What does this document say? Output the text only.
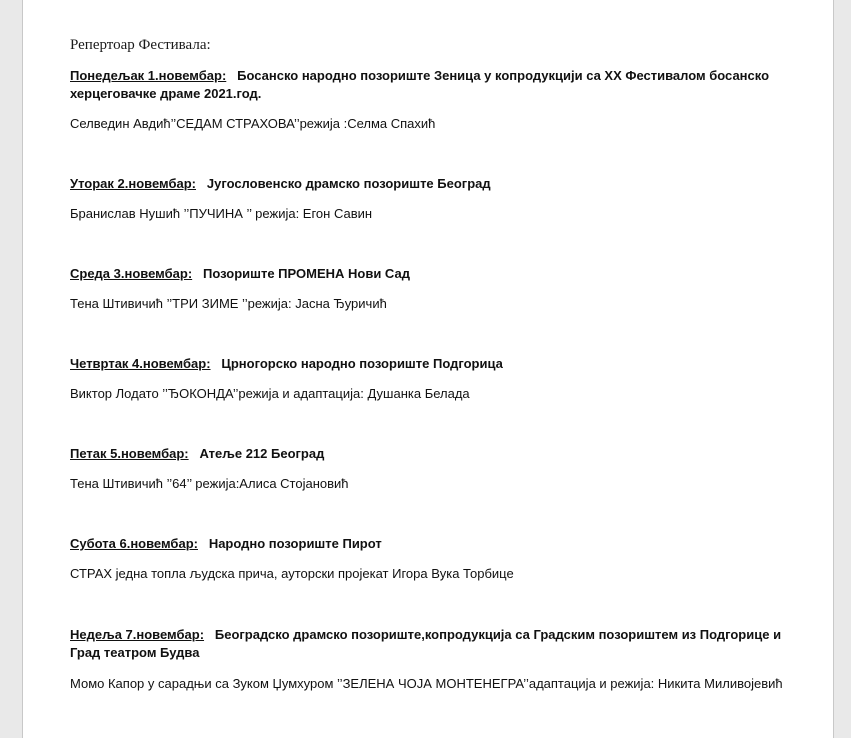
Репертоар Фестивала:
Понедељак 1.новембар: Босанско народно позориште Зеница у копродукцији са XX Фестивалом босанско херцеговачке драме 2021.год.
Селведин Авдић’’СЕДАМ СТРАХОВА’’режија :Селма Спахић
Уторак 2.новембар: Југословенско драмско позориште Београд
Бранислав Нушић ’’ПУЧИНА ’’ режија: Егон Савин
Среда 3.новембар: Позориште ПРОМЕНА Нови Сад
Тена Штивичић ’’ТРИ ЗИМЕ ’’режија: Јасна Ђуричић
Четвртак 4.новембар: Црногорско народно позориште Подгорица
Виктор Лодато ’’ЂОКОНДА’’режија и адаптација: Душанка Белада
Петак 5.новембар: Атеље 212 Београд
Тена Штивичић ’’64’’ режија:Алиса Стојановић
Субота 6.новембар: Народно позориште Пирот
СТРАХ једна топла људска прича, ауторски пројекат Игора Вука Торбице
Недеља 7.новембар: Београдско драмско позориште,копродукција са Градским позориштем из Подгорице и Град театром Будва
Момо Капор у сарадњи са Зуком Џумхуром ’’ЗЕЛЕНА ЧОЈА МОНТЕНЕГРА’’адаптација и режија: Никита Миливојевић
